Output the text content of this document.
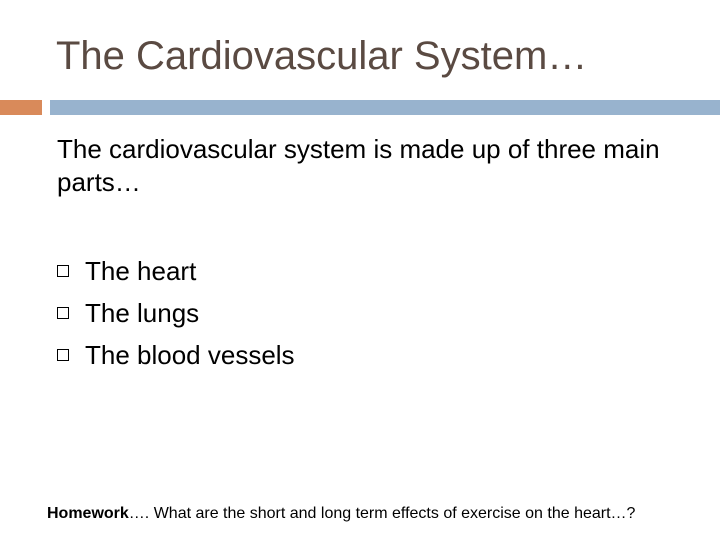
The Cardiovascular System…
The cardiovascular system is made up of three main parts…
The heart
The lungs
The blood vessels
Homework…. What are the short and long term effects of exercise on the heart…?
